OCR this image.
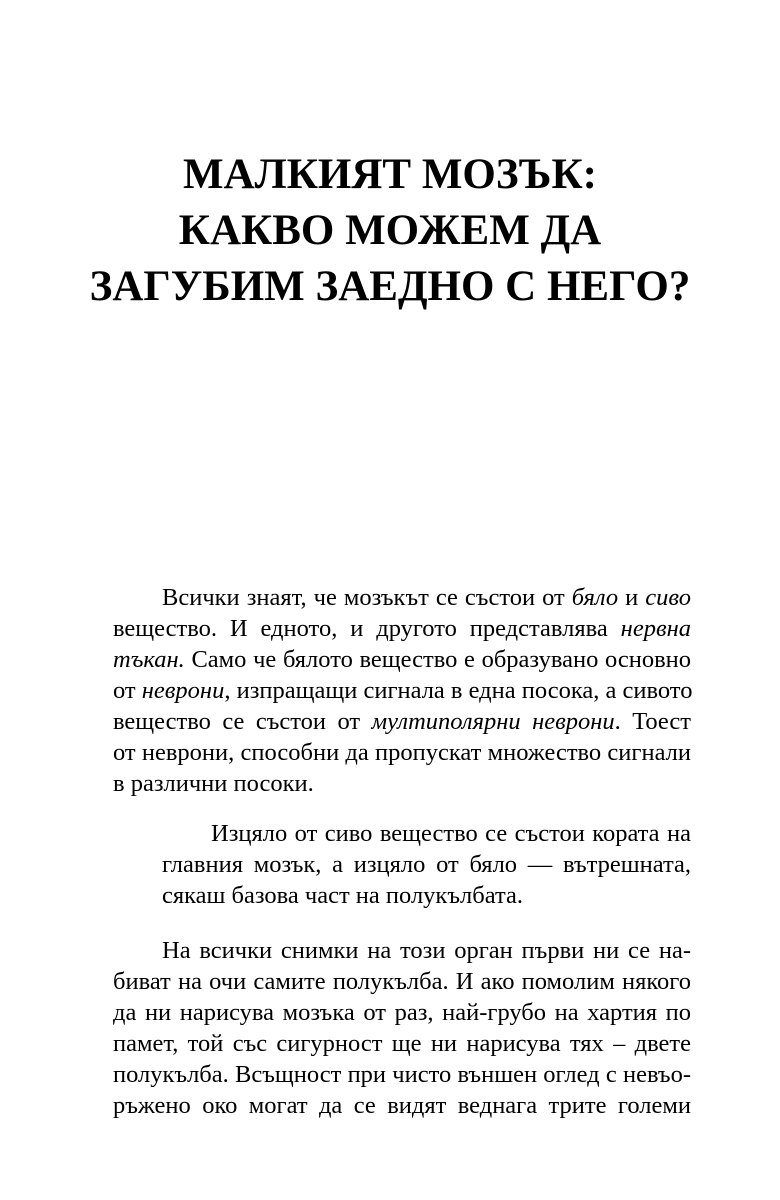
МАЛКИЯТ МОЗЪК:
КАКВО МОЖЕМ ДА
ЗАГУБИМ ЗАЕДНО С НЕГО?
Всички знаят, че мозъкът се състои от бяло и сиво
вещество. И едното, и другото представлява нервна
тъкан. Само че бялото вещество е образувано основно
от неврони, изпращащи сигнала в една посока, а сивото
вещество се състои от мултиполярни неврони. Тоест
от неврони, способни да пропускат множество сигнали
в различни посоки.
Изцяло от сиво вещество се състои кората на
главния мозък, а изцяло от бяло — вътрешната,
сякаш базова част на полукълбата.
На всички снимки на този орган първи ни се на-
биват на очи самите полукълба. И ако помолим някого
да ни нарисува мозъка от раз, най-грубо на хартия по
памет, той със сигурност ще ни нарисува тях – двете
полукълба. Всъщност при чисто външен оглед с невъо-
ръжено око могат да се видят веднага трите големи
